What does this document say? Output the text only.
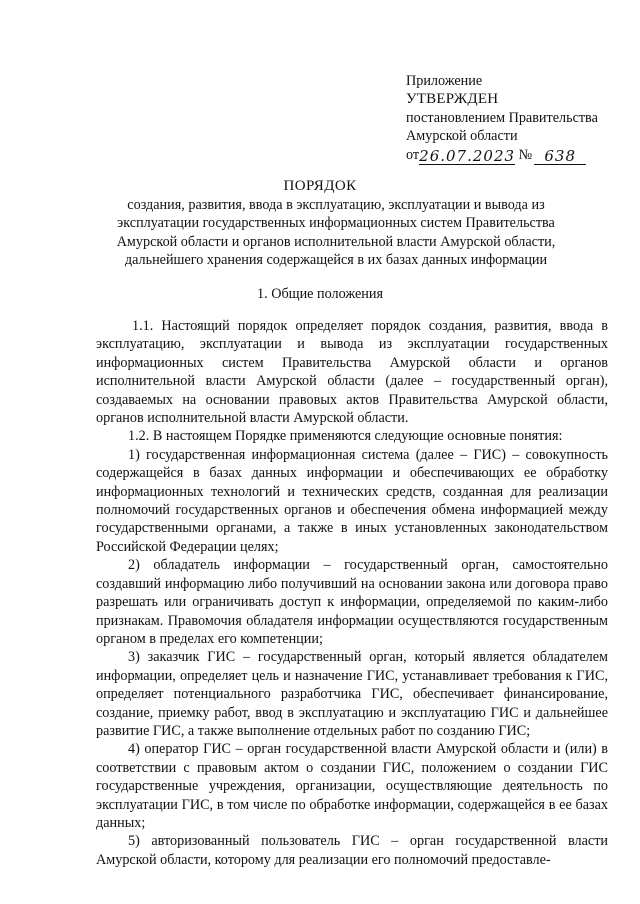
Приложение
УТВЕРЖДЕН
постановлением Правительства
Амурской области
от26.07.2023 № 638
ПОРЯДОК
создания, развития, ввода в эксплуатацию, эксплуатации и вывода из эксплуатации государственных информационных систем Правительства Амурской области и органов исполнительной власти Амурской области, дальнейшего хранения содержащейся в их базах данных информации
1. Общие положения

1.1. Настоящий порядок определяет порядок создания, развития, ввода в эксплуатацию, эксплуатации и вывода из эксплуатации государственных информационных систем Правительства Амурской области и органов исполнительной власти Амурской области (далее – государственный орган), создаваемых на основании правовых актов Правительства Амурской области, органов исполнительной власти Амурской области.

1.2. В настоящем Порядке применяются следующие основные понятия:

1) государственная информационная система (далее – ГИС) – совокупность содержащейся в базах данных информации и обеспечивающих ее обработку информационных технологий и технических средств, созданная для реализации полномочий государственных органов и обеспечения обмена информацией между государственными органами, а также в иных установленных законодательством Российской Федерации целях;

2) обладатель информации – государственный орган, самостоятельно создавший информацию либо получивший на основании закона или договора право разрешать или ограничивать доступ к информации, определяемой по каким-либо признакам. Правомочия обладателя информации осуществляются государственным органом в пределах его компетенции;

3) заказчик ГИС – государственный орган, который является обладателем информации, определяет цель и назначение ГИС, устанавливает требования к ГИС, определяет потенциального разработчика ГИС, обеспечивает финансирование, создание, приемку работ, ввод в эксплуатацию и эксплуатацию ГИС и дальнейшее развитие ГИС, а также выполнение отдельных работ по созданию ГИС;

4) оператор ГИС – орган государственной власти Амурской области и (или) в соответствии с правовым актом о создании ГИС, положением о создании ГИС государственные учреждения, организации, осуществляющие деятельность по эксплуатации ГИС, в том числе по обработке информации, содержащейся в ее базах данных;

5) авторизованный пользователь ГИС – орган государственной власти Амурской области, которому для реализации его полномочий предоставле-
